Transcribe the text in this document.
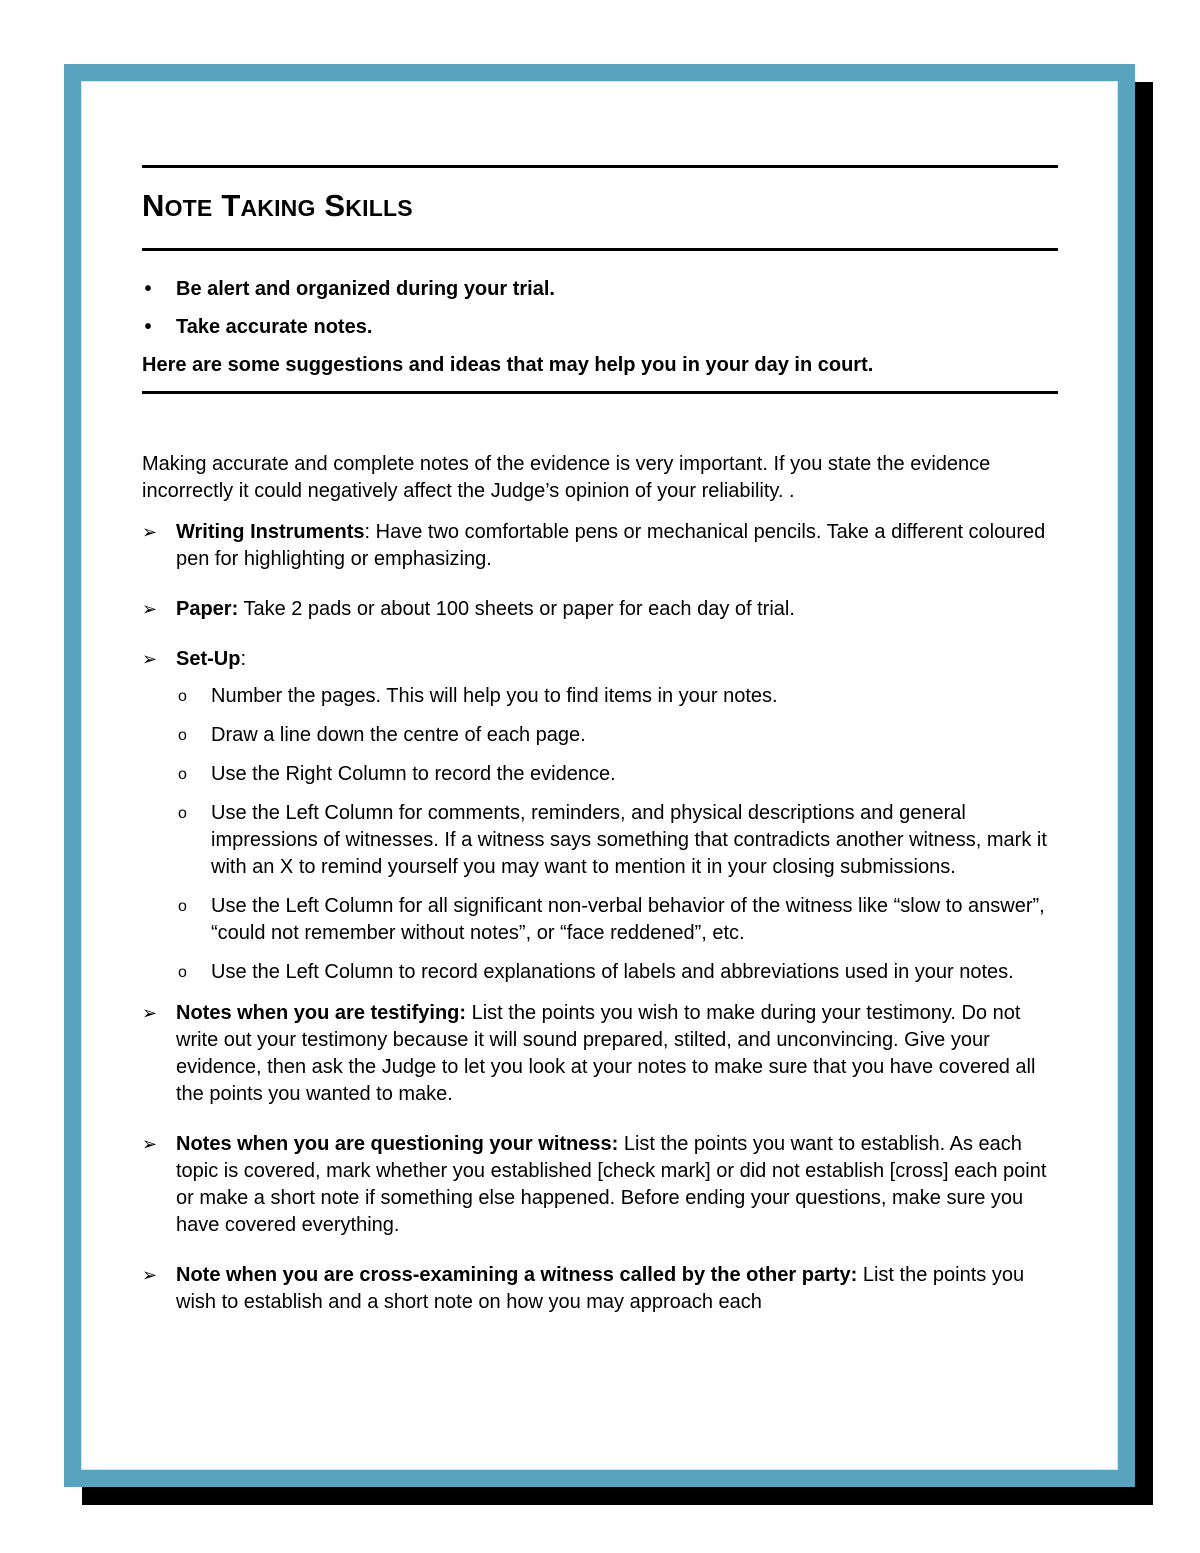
NOTE TAKING SKILLS
• Be alert and organized during your trial.
• Take accurate notes.
Here are some suggestions and ideas that may help you in your day in court.
Making accurate and complete notes of the evidence is very important. If you state the evidence incorrectly it could negatively affect the Judge’s opinion of your reliability. .
➢ Writing Instruments: Have two comfortable pens or mechanical pencils. Take a different coloured pen for highlighting or emphasizing.
➢ Paper: Take 2 pads or about 100 sheets or paper for each day of trial.
➢ Set-Up:
o Number the pages. This will help you to find items in your notes.
o Draw a line down the centre of each page.
o Use the Right Column to record the evidence.
o Use the Left Column for comments, reminders, and physical descriptions and general impressions of witnesses. If a witness says something that contradicts another witness, mark it with an X to remind yourself you may want to mention it in your closing submissions.
o Use the Left Column for all significant non-verbal behavior of the witness like “slow to answer”, “could not remember without notes”, or “face reddened”, etc.
o Use the Left Column to record explanations of labels and abbreviations used in your notes.
➢ Notes when you are testifying: List the points you wish to make during your testimony. Do not write out your testimony because it will sound prepared, stilted, and unconvincing. Give your evidence, then ask the Judge to let you look at your notes to make sure that you have covered all the points you wanted to make.
➢ Notes when you are questioning your witness: List the points you want to establish. As each topic is covered, mark whether you established [check mark] or did not establish [cross] each point or make a short note if something else happened. Before ending your questions, make sure you have covered everything.
➢ Note when you are cross-examining a witness called by the other party: List the points you wish to establish and a short note on how you may approach each
